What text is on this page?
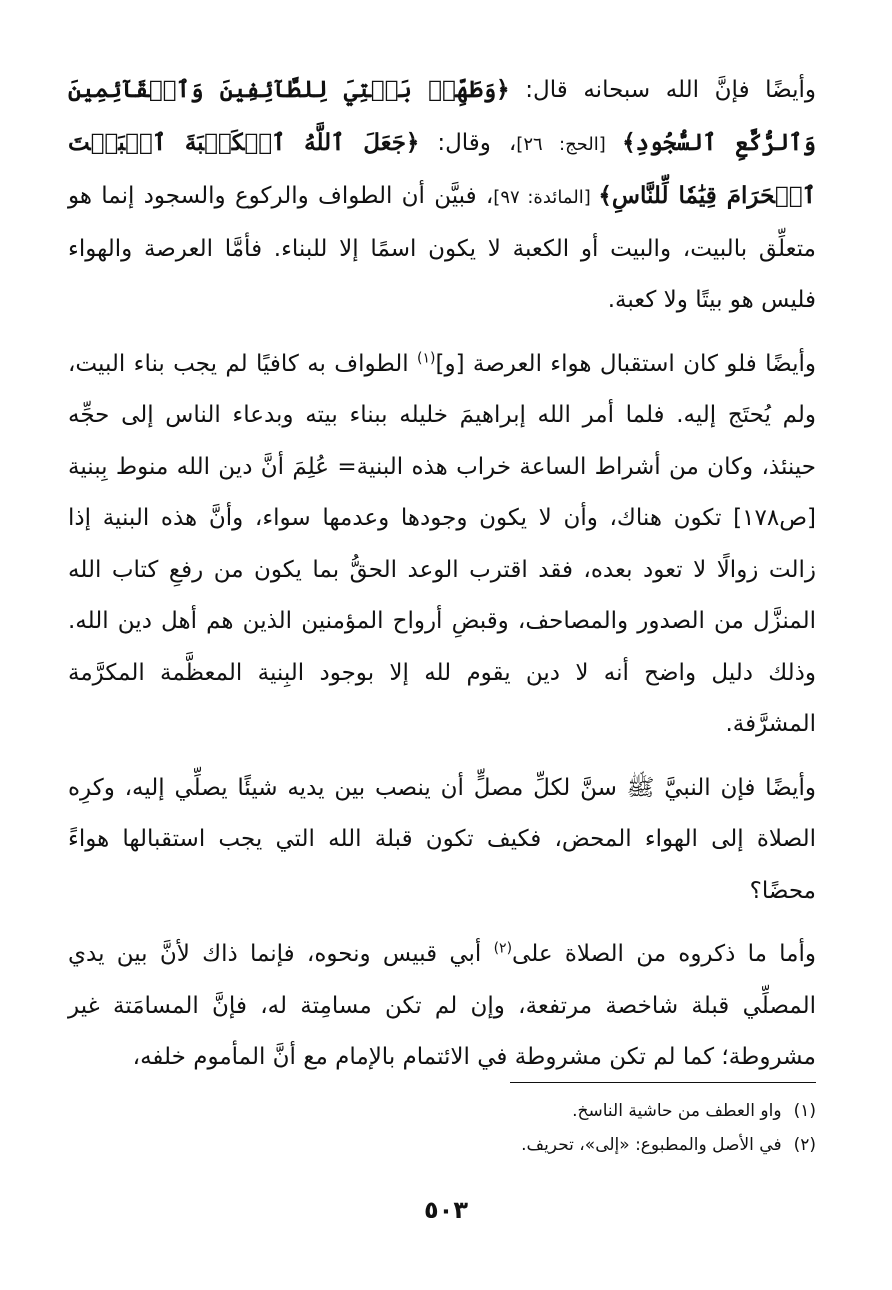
وأيضًا فإنَّ الله سبحانه قال: ﴿وَطَهِّرۡ بَيۡتِيَ لِلطَّآئِفِينَ وَٱلۡقَآئِمِينَ وَٱلرُّكَّعِ ٱلسُّجُودِ﴾ [الحج: ٢٦]، وقال: ﴿جَعَلَ ٱللَّهُ ٱلۡكَعۡبَةَ ٱلۡبَيۡتَ ٱلۡحَرَامَ قِيَٰمٗا لِّلنَّاسِ﴾ [المائدة: ٩٧]، فبيَّن أن الطواف والركوع والسجود إنما هو متعلِّق بالبيت، والبيت أو الكعبة لا يكون اسمًا إلا للبناء. فأمَّا العرصة والهواء فليس هو بيتًا ولا كعبة.

وأيضًا فلو كان استقبال هواء العرصة [و]$^{(١)}$ الطواف به كافيًا لم يجب بناء البيت، ولم يُحتَج إليه. فلما أمر الله إبراهيمَ خليله ببناء بيته وبدعاء الناس إلى حجِّه حينئذ، وكان من أشراط الساعة خراب هذه البنية= عُلِمَ أنَّ دين الله منوط بِبنية [ص١٧٨] تكون هناك، وأن لا يكون وجودها وعدمها سواء، وأنَّ هذه البنية إذا زالت زوالًا لا تعود بعده، فقد اقترب الوعد الحقُّ بما يكون من رفعِ كتاب الله المنزَّل من الصدور والمصاحف، وقبضِ أرواح المؤمنين الذين هم أهل دين الله. وذلك دليل واضح أنه لا دين يقوم لله إلا بوجود البِنية المعظَّمة المكرَّمة المشرَّفة.

وأيضًا فإن النبيَّ ﷺ سنَّ لكلِّ مصلٍّ أن ينصب بين يديه شيئًا يصلِّي إليه، وكرِه الصلاة إلى الهواء المحض، فكيف تكون قبلة الله التي يجب استقبالها هواءً محضًا؟

وأما ما ذكروه من الصلاة على$^{(٢)}$ أبي قبيس ونحوه، فإنما ذاك لأنَّ بين يدي المصلِّي قبلة شاخصة مرتفعة، وإن لم تكن مسامِتة له، فإنَّ المسامَتة غير مشروطة؛ كما لم تكن مشروطة في الائتمام بالإمام مع أنَّ المأموم خلفه،

(١)واو العطف من حاشية الناسخ.

(٢)في الأصل والمطبوع: «إلى»، تحريف.

٥٠٣
